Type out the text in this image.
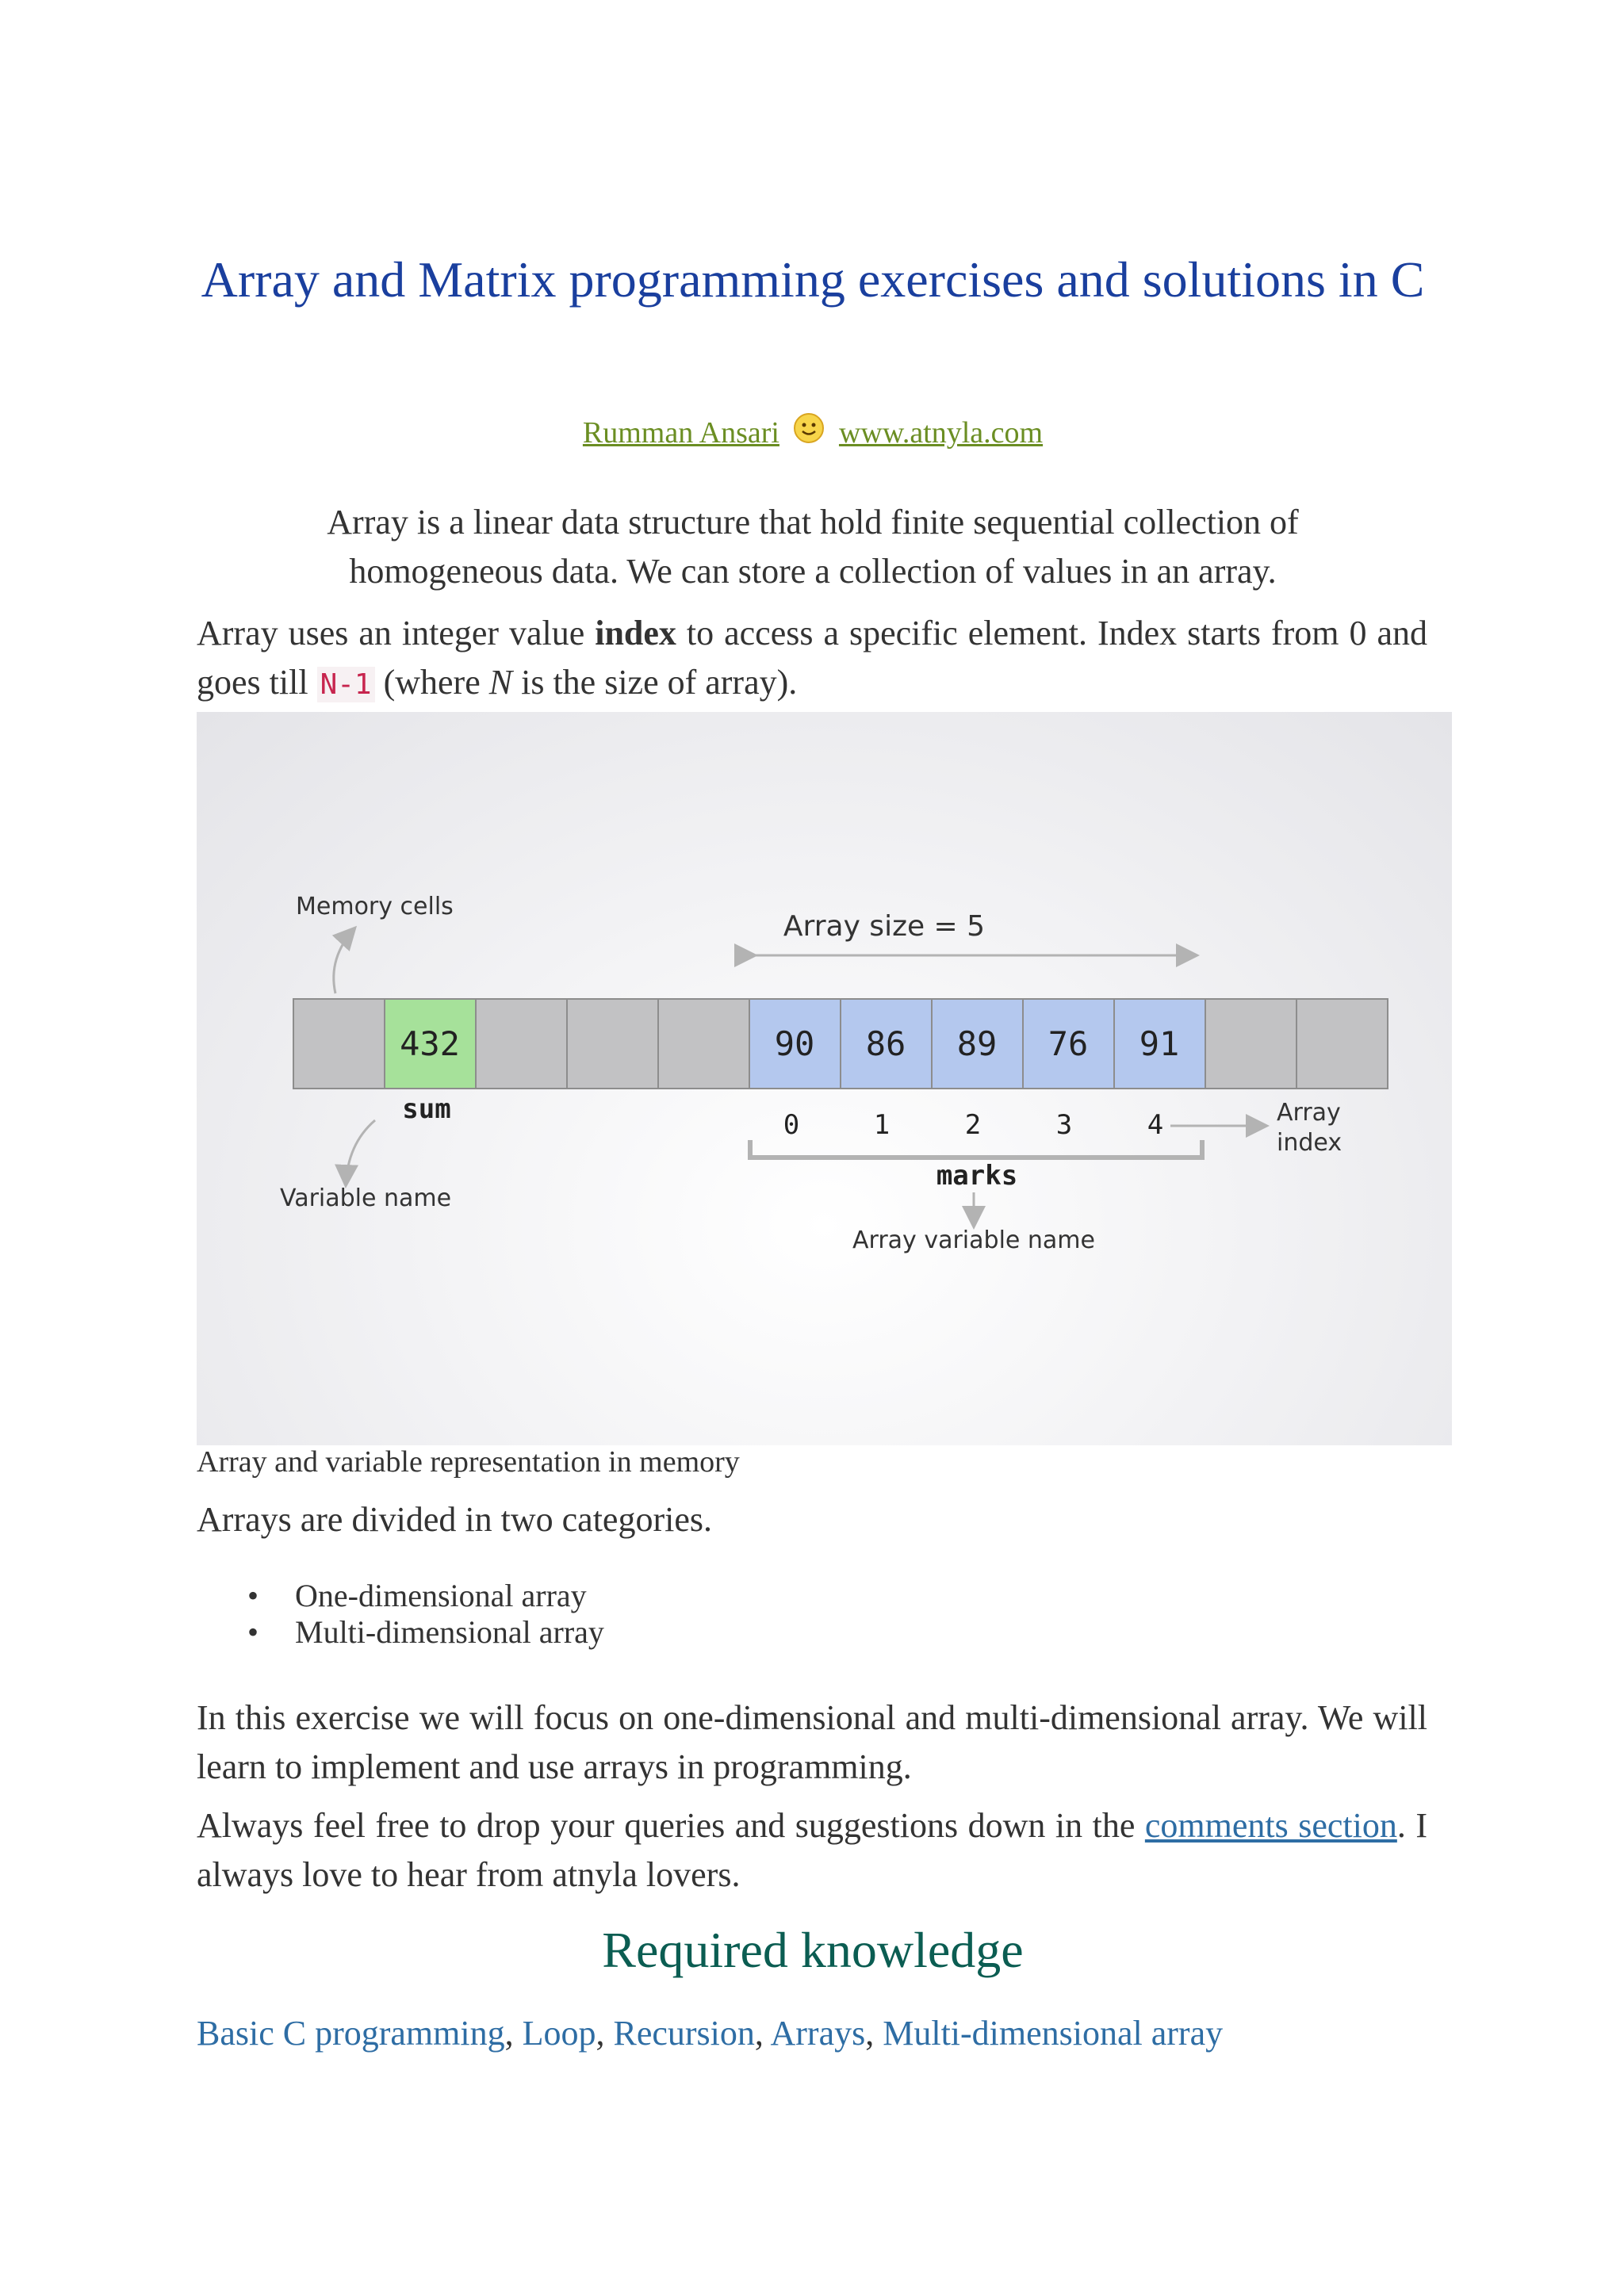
Array and Matrix programming exercises and solutions in C
Rumman Ansari www.atnyla.com
Array is a linear data structure that hold finite sequential collection of homogeneous data. We can store a collection of values in an array.
Array uses an integer value index to access a specific element. Index starts from 0 and goes till N-1 (where N is the size of array).
Memory cells
Array size = 5
432	90 86 89 76 91
sum
Variable name
0	1	2	3	4	Array
index
marks
Array variable name
Array and variable representation in memory
Arrays are divided in two categories.
• One-dimensional array
• Multi-dimensional array
In this exercise we will focus on one-dimensional and multi-dimensional array. We will learn to implement and use arrays in programming.
Always feel free to drop your queries and suggestions down in the comments section. I always love to hear from atnyla lovers.
Required knowledge
Basic C programming, Loop, Recursion, Arrays, Multi-dimensional array
